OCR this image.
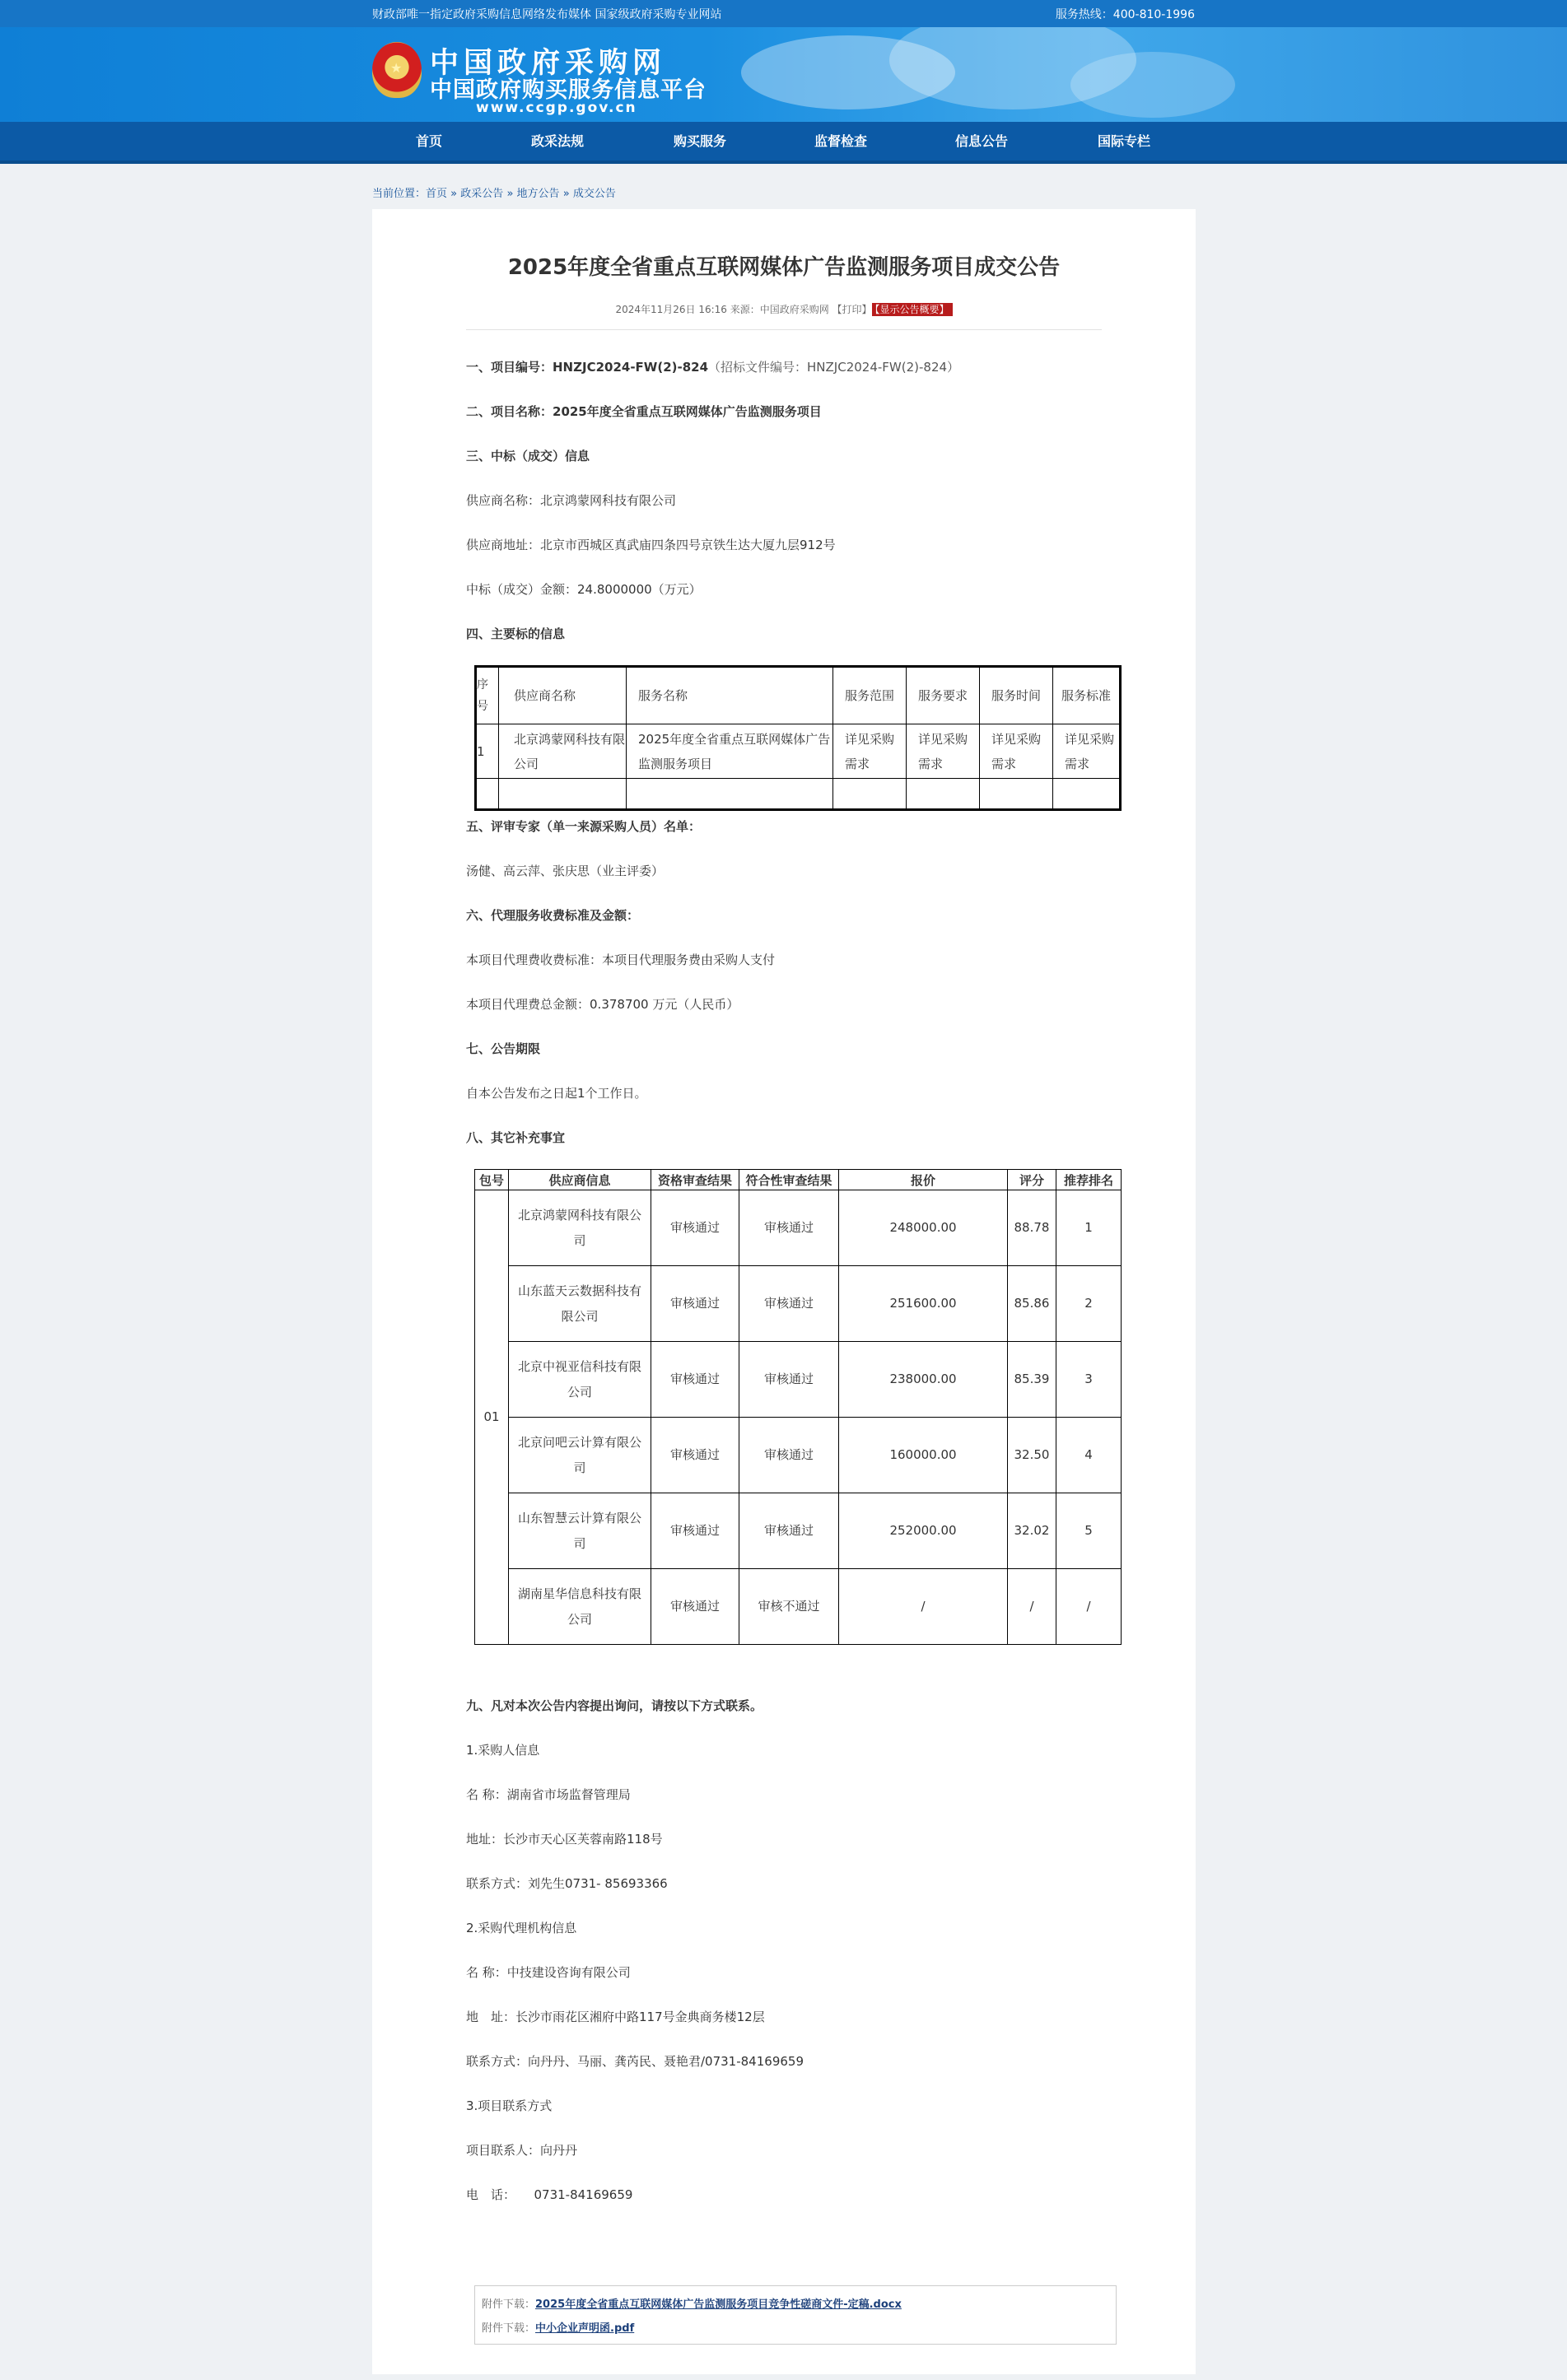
财政部唯一指定政府采购信息网络发布媒体 国家级政府采购专业网站	服务热线：400-810-1996
★ 中国政府采购网
中国政府购买服务信息平台
www.ccgp.gov.cn
首页	政采法规	购买服务	监督检查	信息公告	国际专栏
当前位置：首页 » 政采公告 » 地方公告 » 成交公告
2025年度全省重点互联网媒体广告监测服务项目成交公告
2024年11月26日 16:16 来源：中国政府采购网 【打印】 【显示公告概要】
一、项目编号：HNZJC2024-FW(2)-824（招标文件编号：HNZJC2024-FW(2)-824）
二、项目名称：2025年度全省重点互联网媒体广告监测服务项目
三、中标（成交）信息
供应商名称：北京鸿蒙网科技有限公司
供应商地址：北京市西城区真武庙四条四号京铁生达大厦九层912号
中标（成交）金额：24.8000000（万元）
四、主要标的信息
序号	供应商名称	服务名称	服务范围	服务要求	服务时间	服务标准
1	北京鸿蒙网科技有限公司	2025年度全省重点互联网媒体广告监测服务项目	详见采购需求	详见采购需求	详见采购需求	详见采购需求

五、评审专家（单一来源采购人员）名单：
汤健、高云萍、张庆思（业主评委）
六、代理服务收费标准及金额：
本项目代理费收费标准：本项目代理服务费由采购人支付
本项目代理费总金额：0.378700 万元（人民币）
七、公告期限
自本公告发布之日起1个工作日。
八、其它补充事宜
包号	供应商信息	资格审查结果	符合性审查结果	报价	评分	推荐排名
01	北京鸿蒙网科技有限公司	审核通过	审核通过	248000.00	88.78	1
	山东蓝天云数据科技有限公司	审核通过	审核通过	251600.00	85.86	2
	北京中视亚信科技有限公司	审核通过	审核通过	238000.00	85.39	3
	北京问吧云计算有限公司	审核通过	审核通过	160000.00	32.50	4
	山东智慧云计算有限公司	审核通过	审核通过	252000.00	32.02	5
	湖南星华信息科技有限公司	审核通过	审核不通过	/	/	/
九、凡对本次公告内容提出询问，请按以下方式联系。
1.采购人信息
名 称：湖南省市场监督管理局
地址：长沙市天心区芙蓉南路118号
联系方式：刘先生0731- 85693366
2.采购代理机构信息
名 称：中技建设咨询有限公司
地　址：长沙市雨花区湘府中路117号金典商务楼12层
联系方式：向丹丹、马丽、龚芮民、聂艳君/0731-84169659
3.项目联系方式
项目联系人：向丹丹
电　话：　　0731-84169659
附件下载：2025年度全省重点互联网媒体广告监测服务项目竞争性磋商文件-定稿.docx
附件下载：中小企业声明函.pdf
